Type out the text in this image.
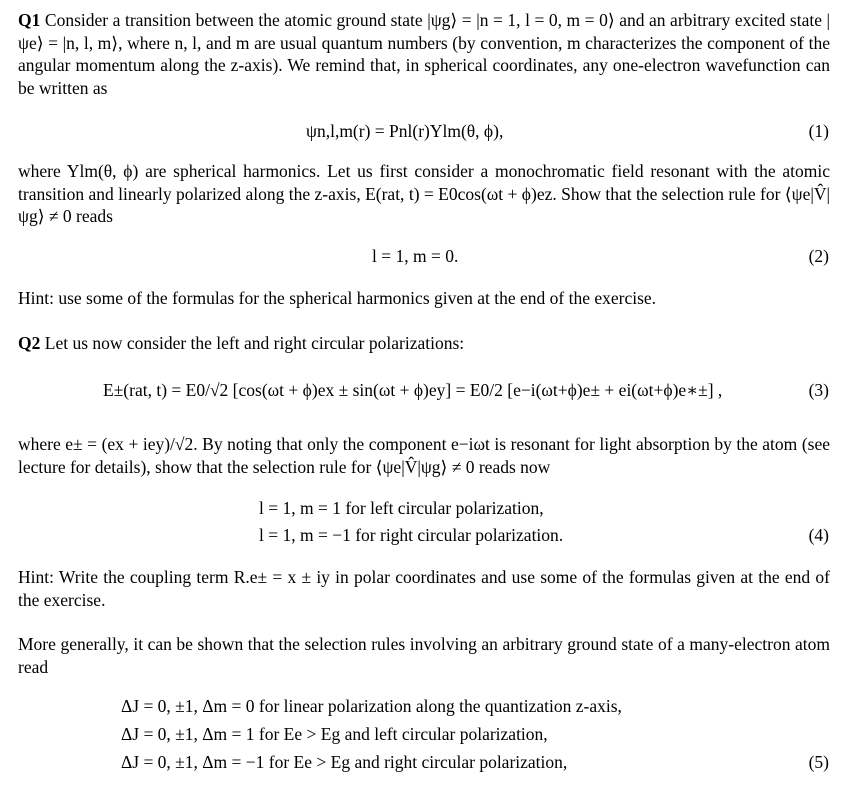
Q1 Consider a transition between the atomic ground state |ψg⟩ = |n = 1, l = 0, m = 0⟩ and an arbitrary excited state |ψe⟩ = |n, l, m⟩, where n, l, and m are usual quantum numbers (by convention, m characterizes the component of the angular momentum along the z-axis). We remind that, in spherical coordinates, any one-electron wavefunction can be written as

ψn,l,m(r) = Pnl(r)Ylm(θ, ϕ),	(1)

where Ylm(θ, ϕ) are spherical harmonics. Let us first consider a monochromatic field resonant with the atomic transition and linearly polarized along the z-axis, E(rat, t) = E0cos(ωt + ϕ)ez. Show that the selection rule for ⟨ψe|V̂|ψg⟩ ≠ 0 reads

l = 1, m = 0.	(2)

Hint: use some of the formulas for the spherical harmonics given at the end of the exercise.

Q2 Let us now consider the left and right circular polarizations:

E±(rat, t) = E0/√2 [cos(ωt + ϕ)ex ± sin(ωt + ϕ)ey] = E0/2 [e−i(ωt+ϕ)e± + ei(ωt+ϕ)e∗±] ,	(3)

where e± = (ex + iey)/√2. By noting that only the component e−iωt is resonant for light absorption by the atom (see lecture for details), show that the selection rule for ⟨ψe|V̂|ψg⟩ ≠ 0 reads now

l = 1, m = 1 for left circular polarization,
l = 1, m = −1 for right circular polarization.	(4)

Hint: Write the coupling term R.e± = x ± iy in polar coordinates and use some of the formulas given at the end of the exercise.

More generally, it can be shown that the selection rules involving an arbitrary ground state of a many-electron atom read

ΔJ = 0, ±1, Δm = 0 for linear polarization along the quantization z-axis,
ΔJ = 0, ±1, Δm = 1 for Ee > Eg and left circular polarization,
ΔJ = 0, ±1, Δm = −1 for Ee > Eg and right circular polarization,	(5)
